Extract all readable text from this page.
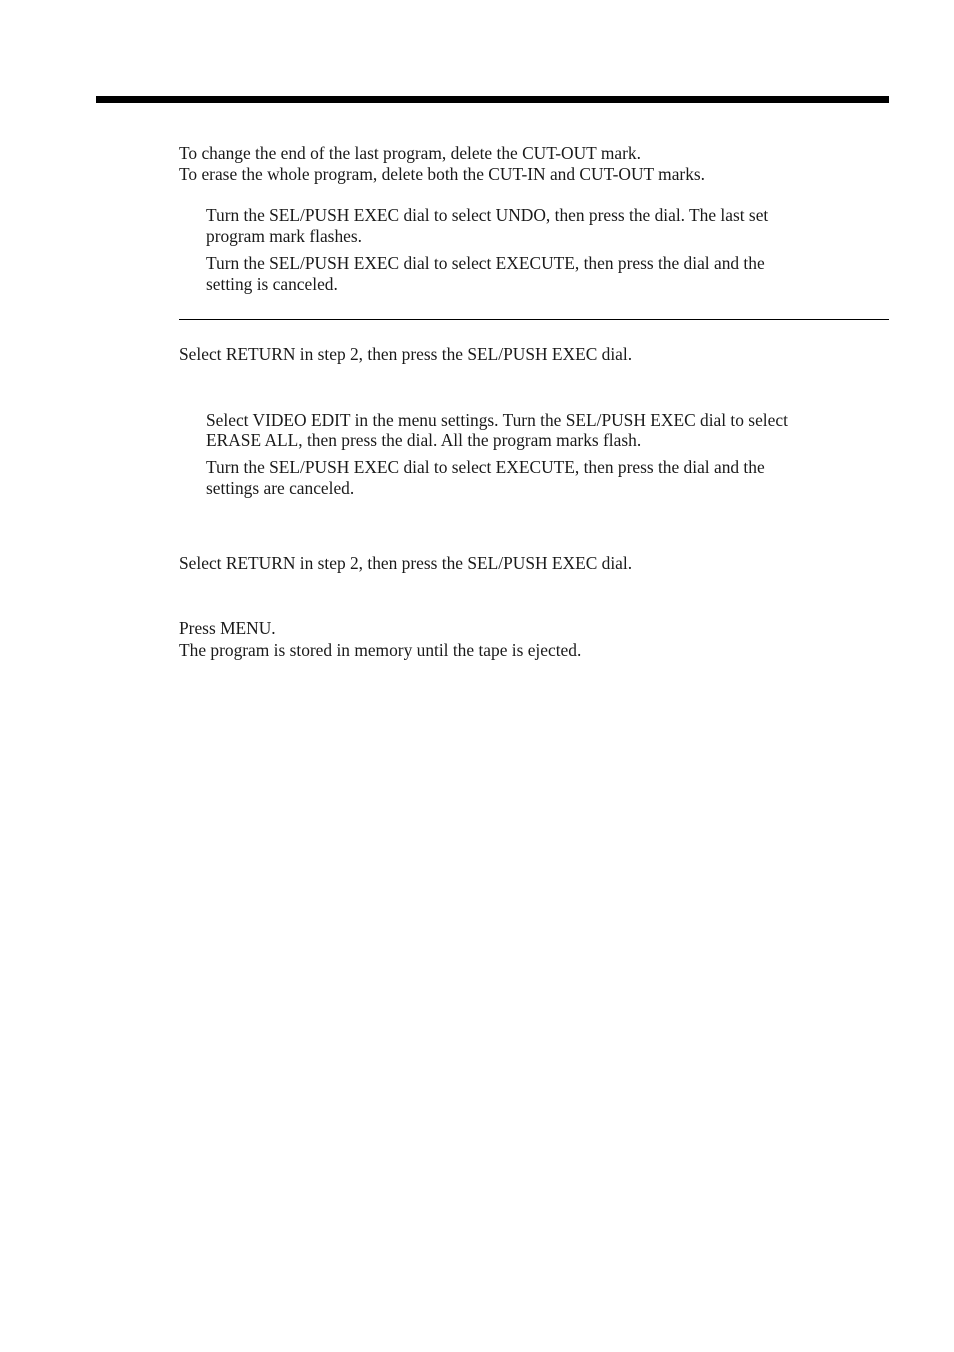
To change the end of the last program, delete the CUT-OUT mark.

To erase the whole program, delete both the CUT-IN and CUT-OUT marks.

Turn the SEL/PUSH EXEC dial to select UNDO, then press the dial. The last set

program mark flashes.

Turn the SEL/PUSH EXEC dial to select EXECUTE, then press the dial and the

setting is canceled.

Select RETURN in step 2, then press the SEL/PUSH EXEC dial.

Select VIDEO EDIT in the menu settings. Turn the SEL/PUSH EXEC dial to select

ERASE ALL, then press the dial. All the program marks flash.

Turn the SEL/PUSH EXEC dial to select EXECUTE, then press the dial and the

settings are canceled.

Select RETURN in step 2, then press the SEL/PUSH EXEC dial.

Press MENU.

The program is stored in memory until the tape is ejected.
